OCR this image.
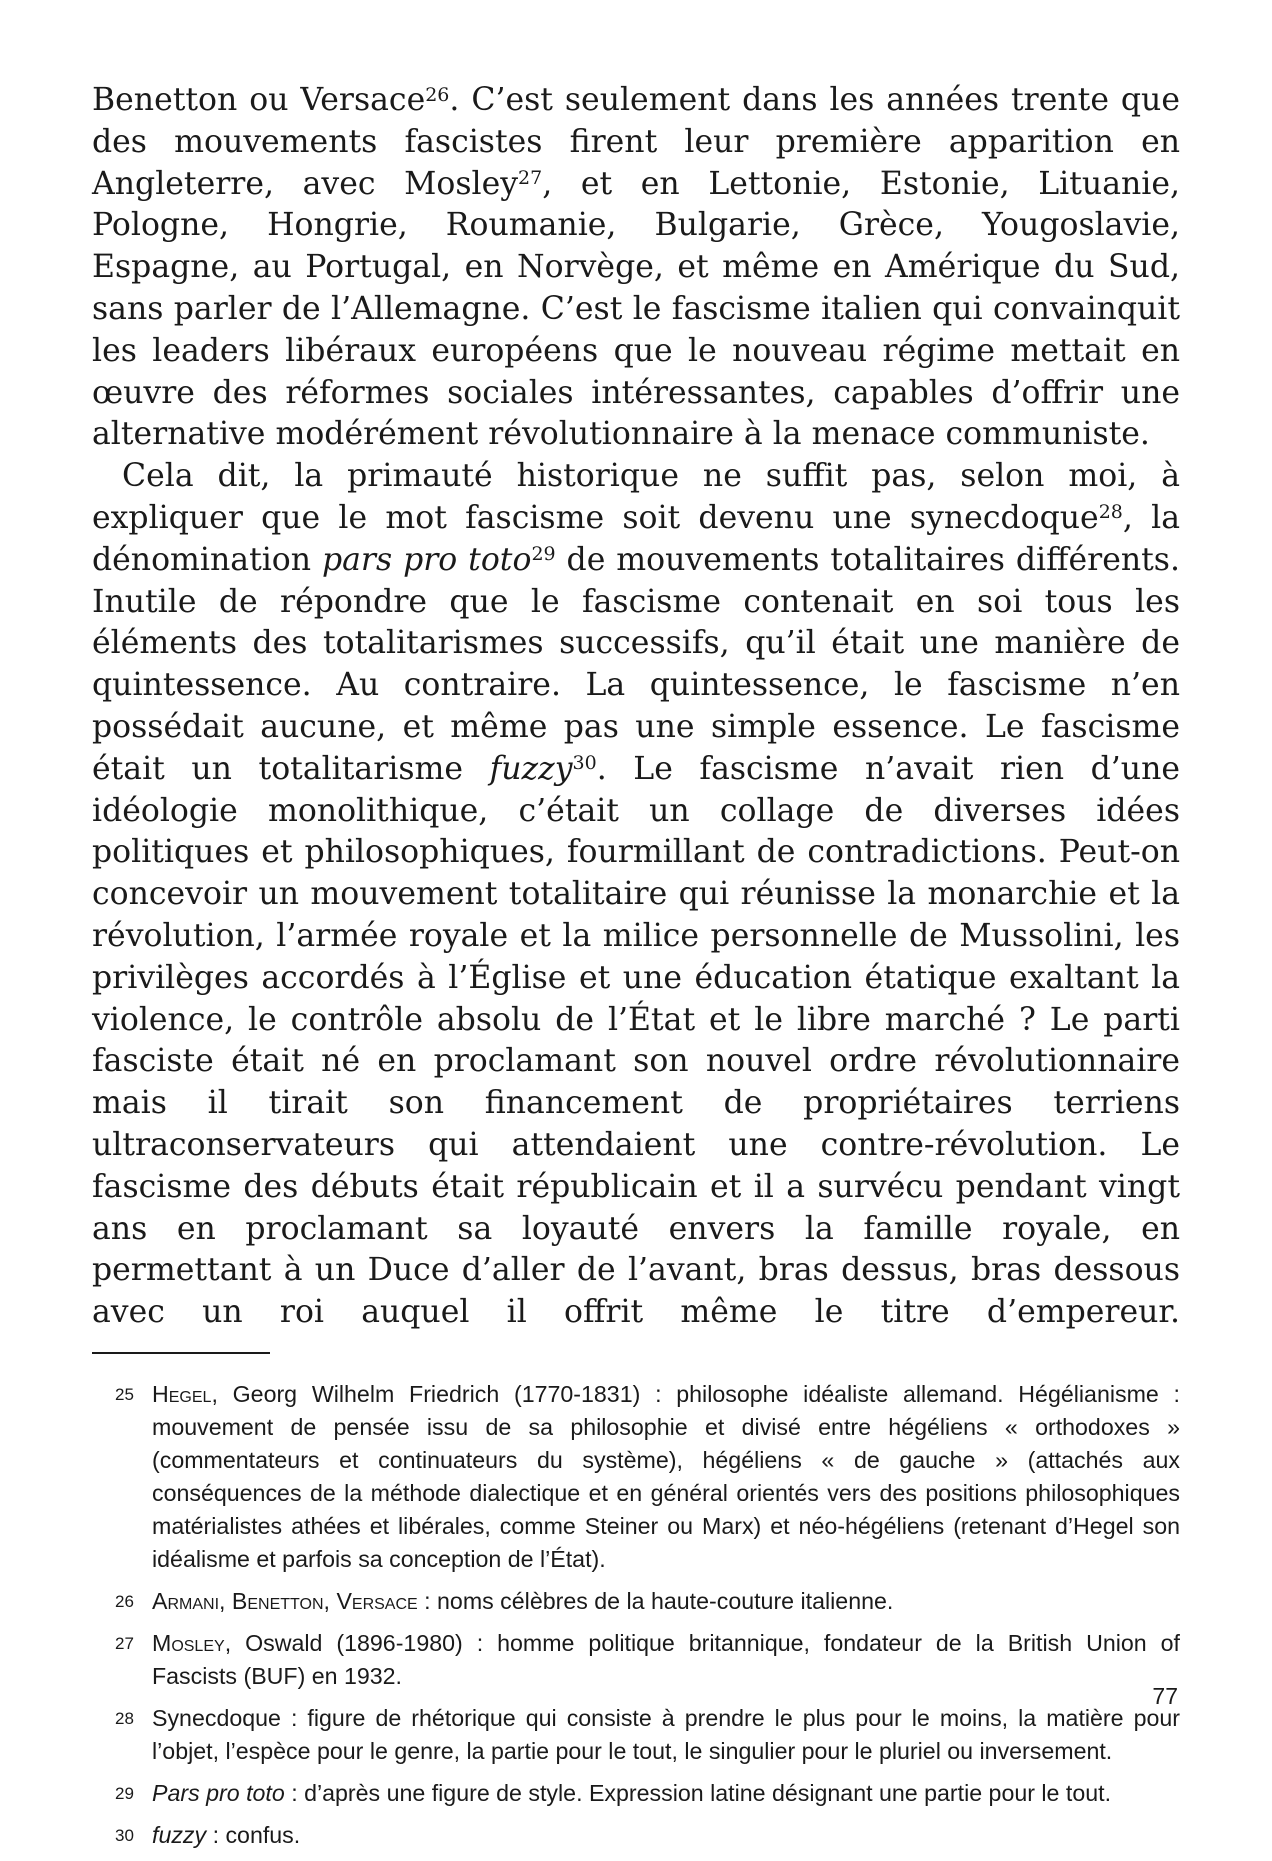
Benetton ou Versace$^{26}$. C’est seulement dans les années trente que des mouvements fascistes firent leur première apparition en Angleterre, avec Mosley$^{27}$, et en Lettonie, Estonie, Lituanie, Pologne, Hongrie, Roumanie, Bulgarie, Grèce, Yougoslavie, Espagne, au Portugal, en Norvège, et même en Amérique du Sud, sans parler de l’Allemagne. C’est le fascisme italien qui convainquit les leaders libéraux européens que le nouveau régime mettait en œuvre des réformes sociales intéressantes, capables d’offrir une alternative modérément révolutionnaire à la menace communiste.

Cela dit, la primauté historique ne suffit pas, selon moi, à expliquer que le mot fascisme soit devenu une synecdoque$^{28}$, la dénomination pars pro toto$^{29}$ de mouvements totalitaires différents. Inutile de répondre que le fascisme contenait en soi tous les éléments des totalitarismes successifs, qu’il était une manière de quintessence. Au contraire. La quintessence, le fascisme n’en possédait aucune, et même pas une simple essence. Le fascisme était un totalitarisme fuzzy$^{30}$. Le fascisme n’avait rien d’une idéologie monolithique, c’était un collage de diverses idées politiques et philosophiques, fourmillant de contradictions. Peut-on concevoir un mouvement totalitaire qui réunisse la monarchie et la révolution, l’armée royale et la milice personnelle de Mussolini, les privilèges accordés à l’Église et une éducation étatique exaltant la violence, le contrôle absolu de l’État et le libre marché ? Le parti fasciste était né en proclamant son nouvel ordre révolutionnaire mais il tirait son financement de propriétaires terriens ultraconservateurs qui attendaient une contre-révolution. Le fascisme des débuts était républicain et il a survécu pendant vingt ans en proclamant sa loyauté envers la famille royale, en permettant à un Duce d’aller de l’avant, bras dessus, bras dessous avec un roi auquel il offrit même le titre d’empereur.

25 Hegel, Georg Wilhelm Friedrich (1770-1831) : philosophe idéaliste allemand. Hégélianisme : mouvement de pensée issu de sa philosophie et divisé entre hégéliens « orthodoxes » (commentateurs et continuateurs du système), hégéliens « de gauche » (attachés aux conséquences de la méthode dialectique et en général orientés vers des positions philosophiques matérialistes athées et libérales, comme Steiner ou Marx) et néo-hégéliens (retenant d’Hegel son idéalisme et parfois sa conception de l’État).
26 Armani, Benetton, Versace : noms célèbres de la haute-couture italienne.
27 Mosley, Oswald (1896-1980) : homme politique britannique, fondateur de la British Union of Fascists (BUF) en 1932.
28 Synecdoque : figure de rhétorique qui consiste à prendre le plus pour le moins, la matière pour l’objet, l’espèce pour le genre, la partie pour le tout, le singulier pour le pluriel ou inversement.
29 Pars pro toto : d’après une figure de style. Expression latine désignant une partie pour le tout.
30 fuzzy : confus.
77
